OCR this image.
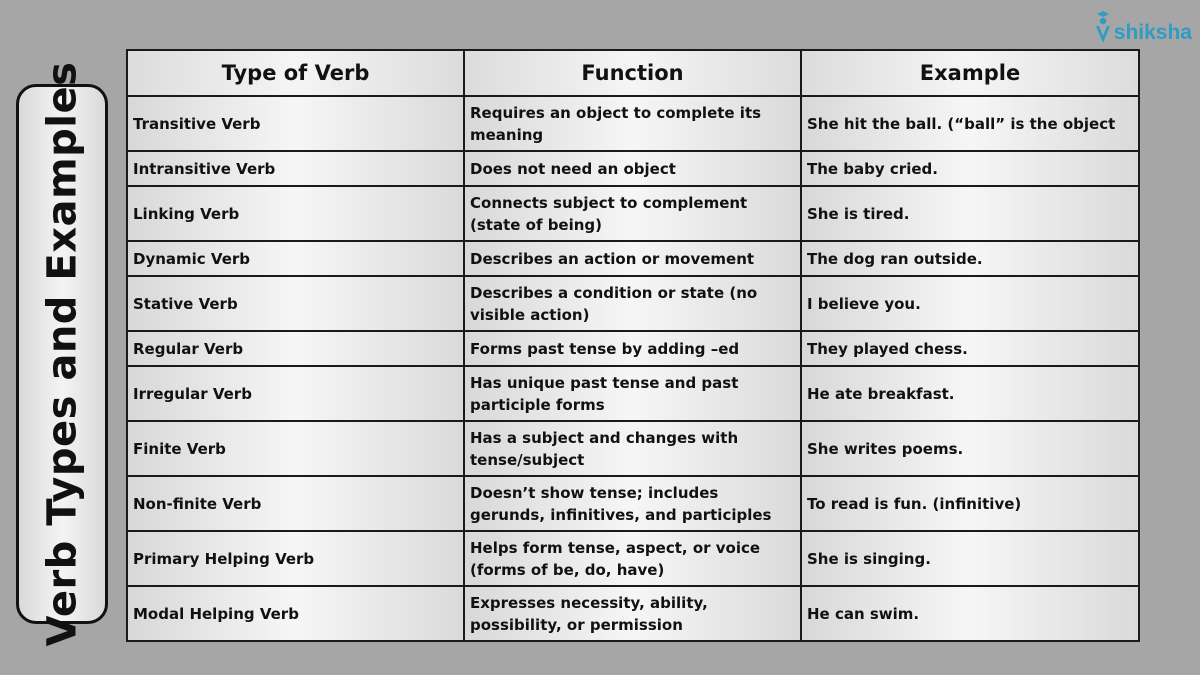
Verb Types and Examples
shiksha
Type of Verb	Function	Example
Transitive Verb	Requires an object to complete its meaning	She hit the ball. (“ball” is the object
Intransitive Verb	Does not need an object	The baby cried.
Linking Verb	Connects subject to complement (state of being)	She is tired.
Dynamic Verb	Describes an action or movement	The dog ran outside.
Stative Verb	Describes a condition or state (no visible action)	I believe you.
Regular Verb	Forms past tense by adding –ed	They played chess.
Irregular Verb	Has unique past tense and past participle forms	He ate breakfast.
Finite Verb	Has a subject and changes with tense/subject	She writes poems.
Non-finite Verb	Doesn’t show tense; includes gerunds, infinitives, and participles	To read is fun. (infinitive)
Primary Helping Verb	Helps form tense, aspect, or voice (forms of be, do, have)	She is singing.
Modal Helping Verb	Expresses necessity, ability, possibility, or permission	He can swim.
